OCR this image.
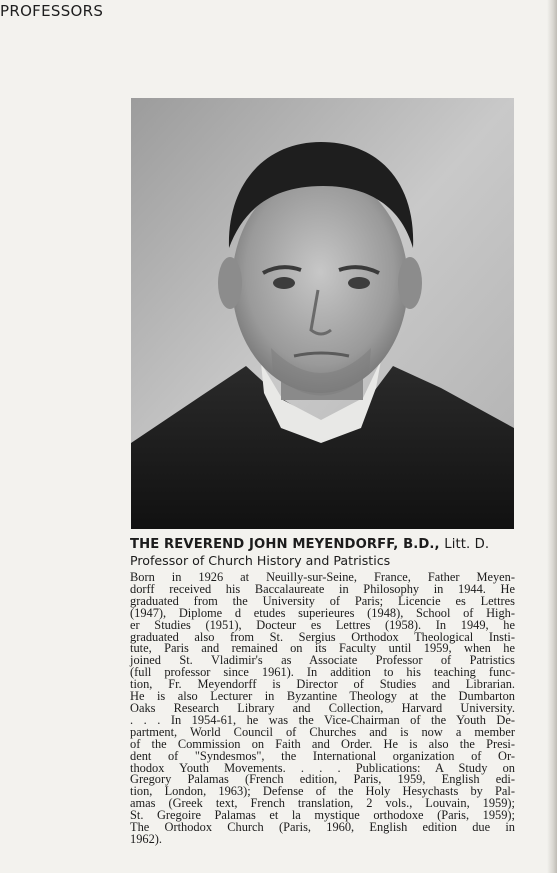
PROFESSORS
THE REVEREND JOHN MEYENDORFF, B.D., Litt. D.
Professor of Church History and Patristics
Born in 1926 at Neuilly-sur-Seine, France, Father Meyen-
dorff received his Baccalaureate in Philosophy in 1944. He
graduated from the University of Paris; Licencie es Lettres
(1947), Diplome d etudes superieures (1948), School of High-
er Studies (1951), Docteur es Lettres (1958). In 1949, he
graduated also from St. Sergius Orthodox Theological Insti-
tute, Paris and remained on its Faculty until 1959, when he
joined St. Vladimir's as Associate Professor of Patristics
(full professor since 1961). In addition to his teaching func-
tion, Fr. Meyendorff is Director of Studies and Librarian.
He is also Lecturer in Byzantine Theology at the Dumbarton
Oaks Research Library and Collection, Harvard University.
. . . In 1954-61, he was the Vice-Chairman of the Youth De-
partment, World Council of Churches and is now a member
of the Commission on Faith and Order. He is also the Presi-
dent of "Syndesmos", the International organization of Or-
thodox Youth Movements. . . . Publications: A Study on
Gregory Palamas (French edition, Paris, 1959, English edi-
tion, London, 1963); Defense of the Holy Hesychasts by Pal-
amas (Greek text, French translation, 2 vols., Louvain, 1959);
St. Gregoire Palamas et la mystique orthodoxe (Paris, 1959);
The Orthodox Church (Paris, 1960, English edition due in
1962).
